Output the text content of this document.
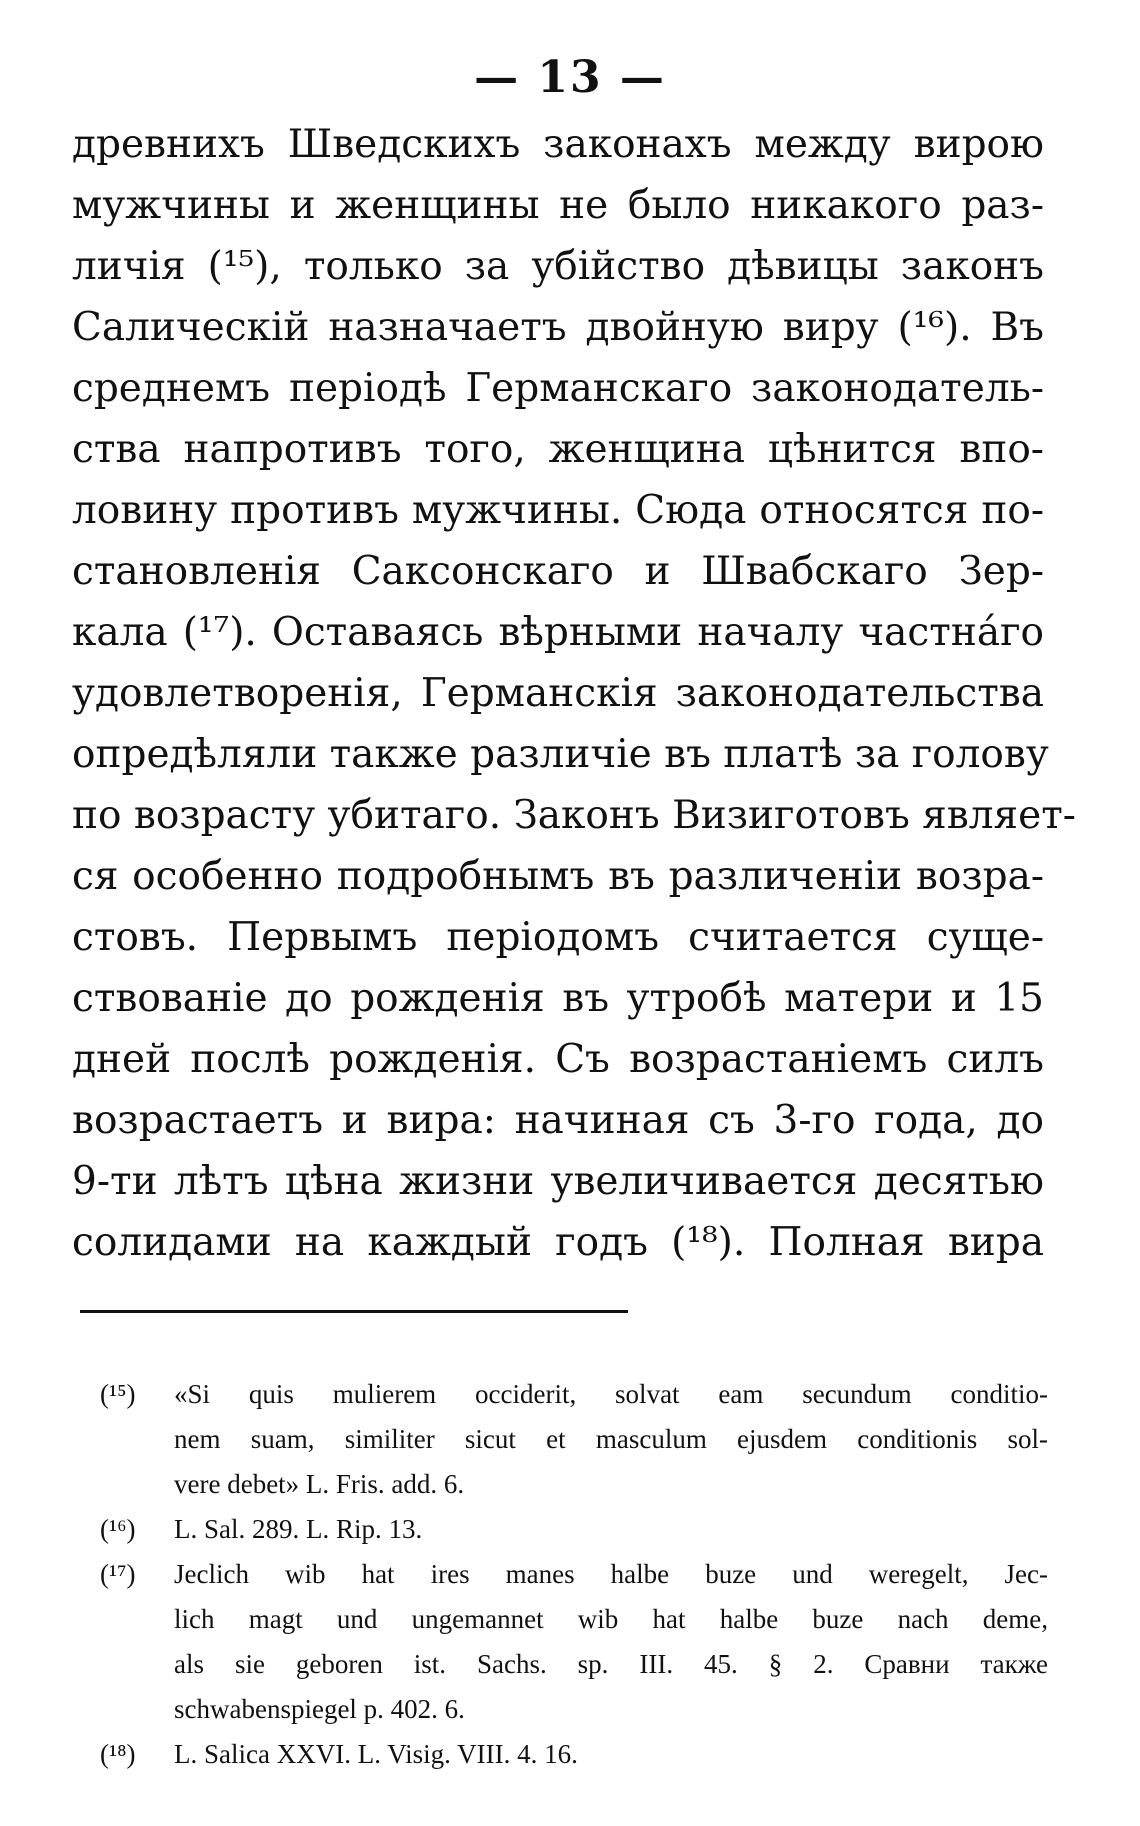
— 13 —
древнихъ Шведскихъ законахъ между вирою
мужчины и женщины не было никакого раз-
личія (¹⁵), только за убійство дѣвицы законъ
Салическій назначаетъ двойную виру (¹⁶). Въ
среднемъ періодѣ Германскаго законодатель-
ства напротивъ того, женщина цѣнится впо-
ловину противъ мужчины. Сюда относятся по-
становленія Саксонскаго и Швабскаго Зер-
кала (¹⁷). Оставаясь вѣрными началу частнáго
удовлетворенія, Германскія законодательства
опредѣляли также различіе въ платѣ за голову
по возрасту убитаго. Законъ Визиготовъ являет-
ся особенно подробнымъ въ различеніи возра-
стовъ. Первымъ періодомъ считается суще-
ствованіе до рожденія въ утробѣ матери и 15
дней послѣ рожденія. Съ возрастаніемъ силъ
возрастаетъ и вира: начиная съ 3-го года, до
9-ти лѣтъ цѣна жизни увеличивается десятью
солидами на каждый годъ (¹⁸). Полная вира
(¹⁵)	«Si quis mulierem occiderit, solvat eam secundum conditio-
nem suam, similiter sicut et masculum ejusdem conditionis sol-
vere debet» L. Fris. add. 6.
(¹⁶)	L. Sal. 289. L. Rip. 13.
(¹⁷)	Jeclich wib hat ires manes halbe buze und weregelt, Jec-
lich magt und ungemannet wib hat halbe buze nach deme,
als sie geboren ist. Sachs. sp. III. 45. § 2. Сравни также
schwabenspiegel p. 402. 6.
(¹⁸)	L. Salica XXVI. L. Visig. VIII. 4. 16.
